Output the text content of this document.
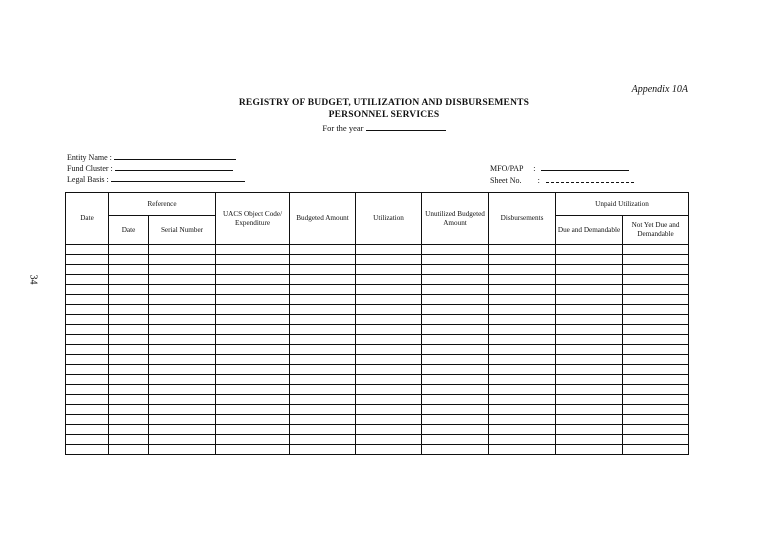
Appendix 10A
REGISTRY OF BUDGET, UTILIZATION AND DISBURSEMENTS
PERSONNEL SERVICES
For the year
Entity Name :
Fund Cluster :
Legal Basis :
MFO/PAP :
Sheet No. :
34
Date	Reference		UACS Object Code/ Expenditure	Budgeted Amount	Utilization	Unutilized Budgeted Amount	Disbursements	Unpaid Utilization	
	Date	Serial Number						Due and Demandable	Not Yet Due and Demandable
